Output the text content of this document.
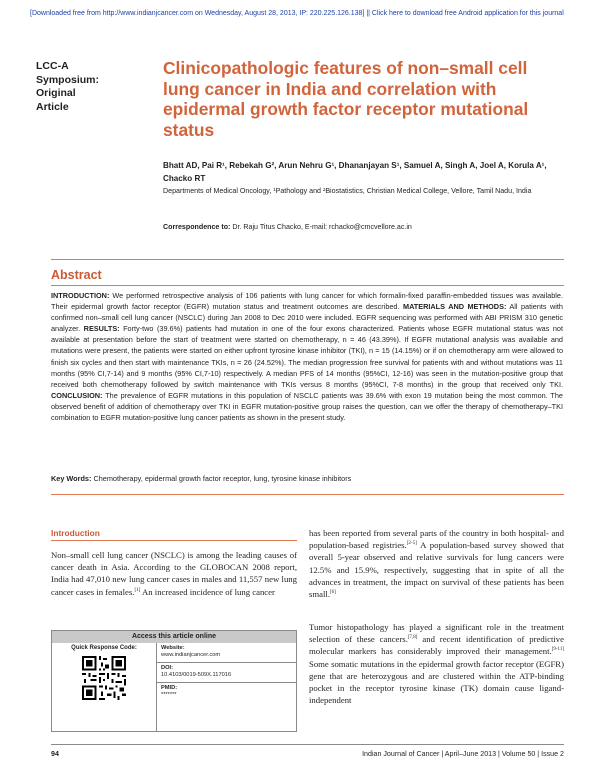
[Downloaded free from http://www.indianjcancer.com on Wednesday, August 28, 2013, IP: 220.225.126.138] || Click here to download free Android application for this journal
LCC-A
Symposium:
Original
Article
Clinicopathologic features of non–small cell lung cancer in India and correlation with epidermal growth factor receptor mutational status

Bhatt AD, Pai R¹, Rebekah G², Arun Nehru G¹, Dhananjayan S¹, Samuel A, Singh A, Joel A, Korula A¹, Chacko RT

Departments of Medical Oncology, ¹Pathology and ²Biostatistics, Christian Medical College, Vellore, Tamil Nadu, India

Correspondence to: Dr. Raju Titus Chacko, E-mail: rchacko@cmcvellore.ac.in

Abstract

INTRODUCTION: We performed retrospective analysis of 106 patients with lung cancer for which formalin-fixed paraffin-embedded tissues was available. Their epidermal growth factor receptor (EGFR) mutation status and treatment outcomes are described. MATERIALS AND METHODS: All patients with confirmed non–small cell lung cancer (NSCLC) during Jan 2008 to Dec 2010 were included. EGFR sequencing was performed with ABI PRISM 310 genetic analyzer. RESULTS: Forty-two (39.6%) patients had mutation in one of the four exons characterized. Patients whose EGFR mutational status was not available at presentation before the start of treatment were started on chemotherapy, n = 46 (43.39%). If EGFR mutational analysis was available and mutations were present, the patients were started on either upfront tyrosine kinase inhibitor (TKI), n = 15 (14.15%) or if on chemotherapy arm were allowed to finish six cycles and then start with maintenance TKIs, n = 26 (24.52%). The median progression free survival for patients with and without mutations was 11 months (95% CI,7-14) and 9 months (95% CI,7-10) respectively. A median PFS of 14 months (95%CI, 12-16) was seen in the mutation-positive group that received both chemotherapy followed by switch maintenance with TKIs versus 8 months (95%CI, 7-8 months) in the group that received only TKI. CONCLUSION: The prevalence of EGFR mutations in this population of NSCLC patients was 39.6% with exon 19 mutation being the most common. The observed benefit of addition of chemotherapy over TKI in EGFR mutation-positive group raises the question, can we offer the therapy of chemotherapy–TKI combination to EGFR mutation-positive lung cancer patients as shown in the present study.

Key Words: Chemotherapy, epidermal growth factor receptor, lung, tyrosine kinase inhibitors

Introduction

Non–small cell lung cancer (NSCLC) is among the leading causes of cancer death in Asia. According to the GLOBOCAN 2008 report, India had 47,010 new lung cancer cases in males and 11,557 new lung cancer cases in females.[1] An increased incidence of lung cancer

has been reported from several parts of the country in both hospital- and population-based registries.[2-5] A population-based survey showed that overall 5-year observed and relative survivals for lung cancers were 12.5% and 15.9%, respectively, suggesting that in spite of all the advances in treatment, the impact on survival of these patients has been small.[6]

Tumor histopathology has played a significant role in the treatment selection of these cancers.[7,8] and recent identification of predictive molecular markers has considerably improved their management.[9-11] Some somatic mutations in the epidermal growth factor receptor (EGFR) gene that are heterozygous and are clustered within the ATP-binding pocket in the receptor tyrosine kinase (TK) domain cause ligand-independent

Access this article online
Quick Response Code:	Website:
www.indianjcancer.com
DOI:
10.4103/0019-509X.117016
PMID:
*******
94	Indian Journal of Cancer | April–June 2013 | Volume 50 | Issue 2
